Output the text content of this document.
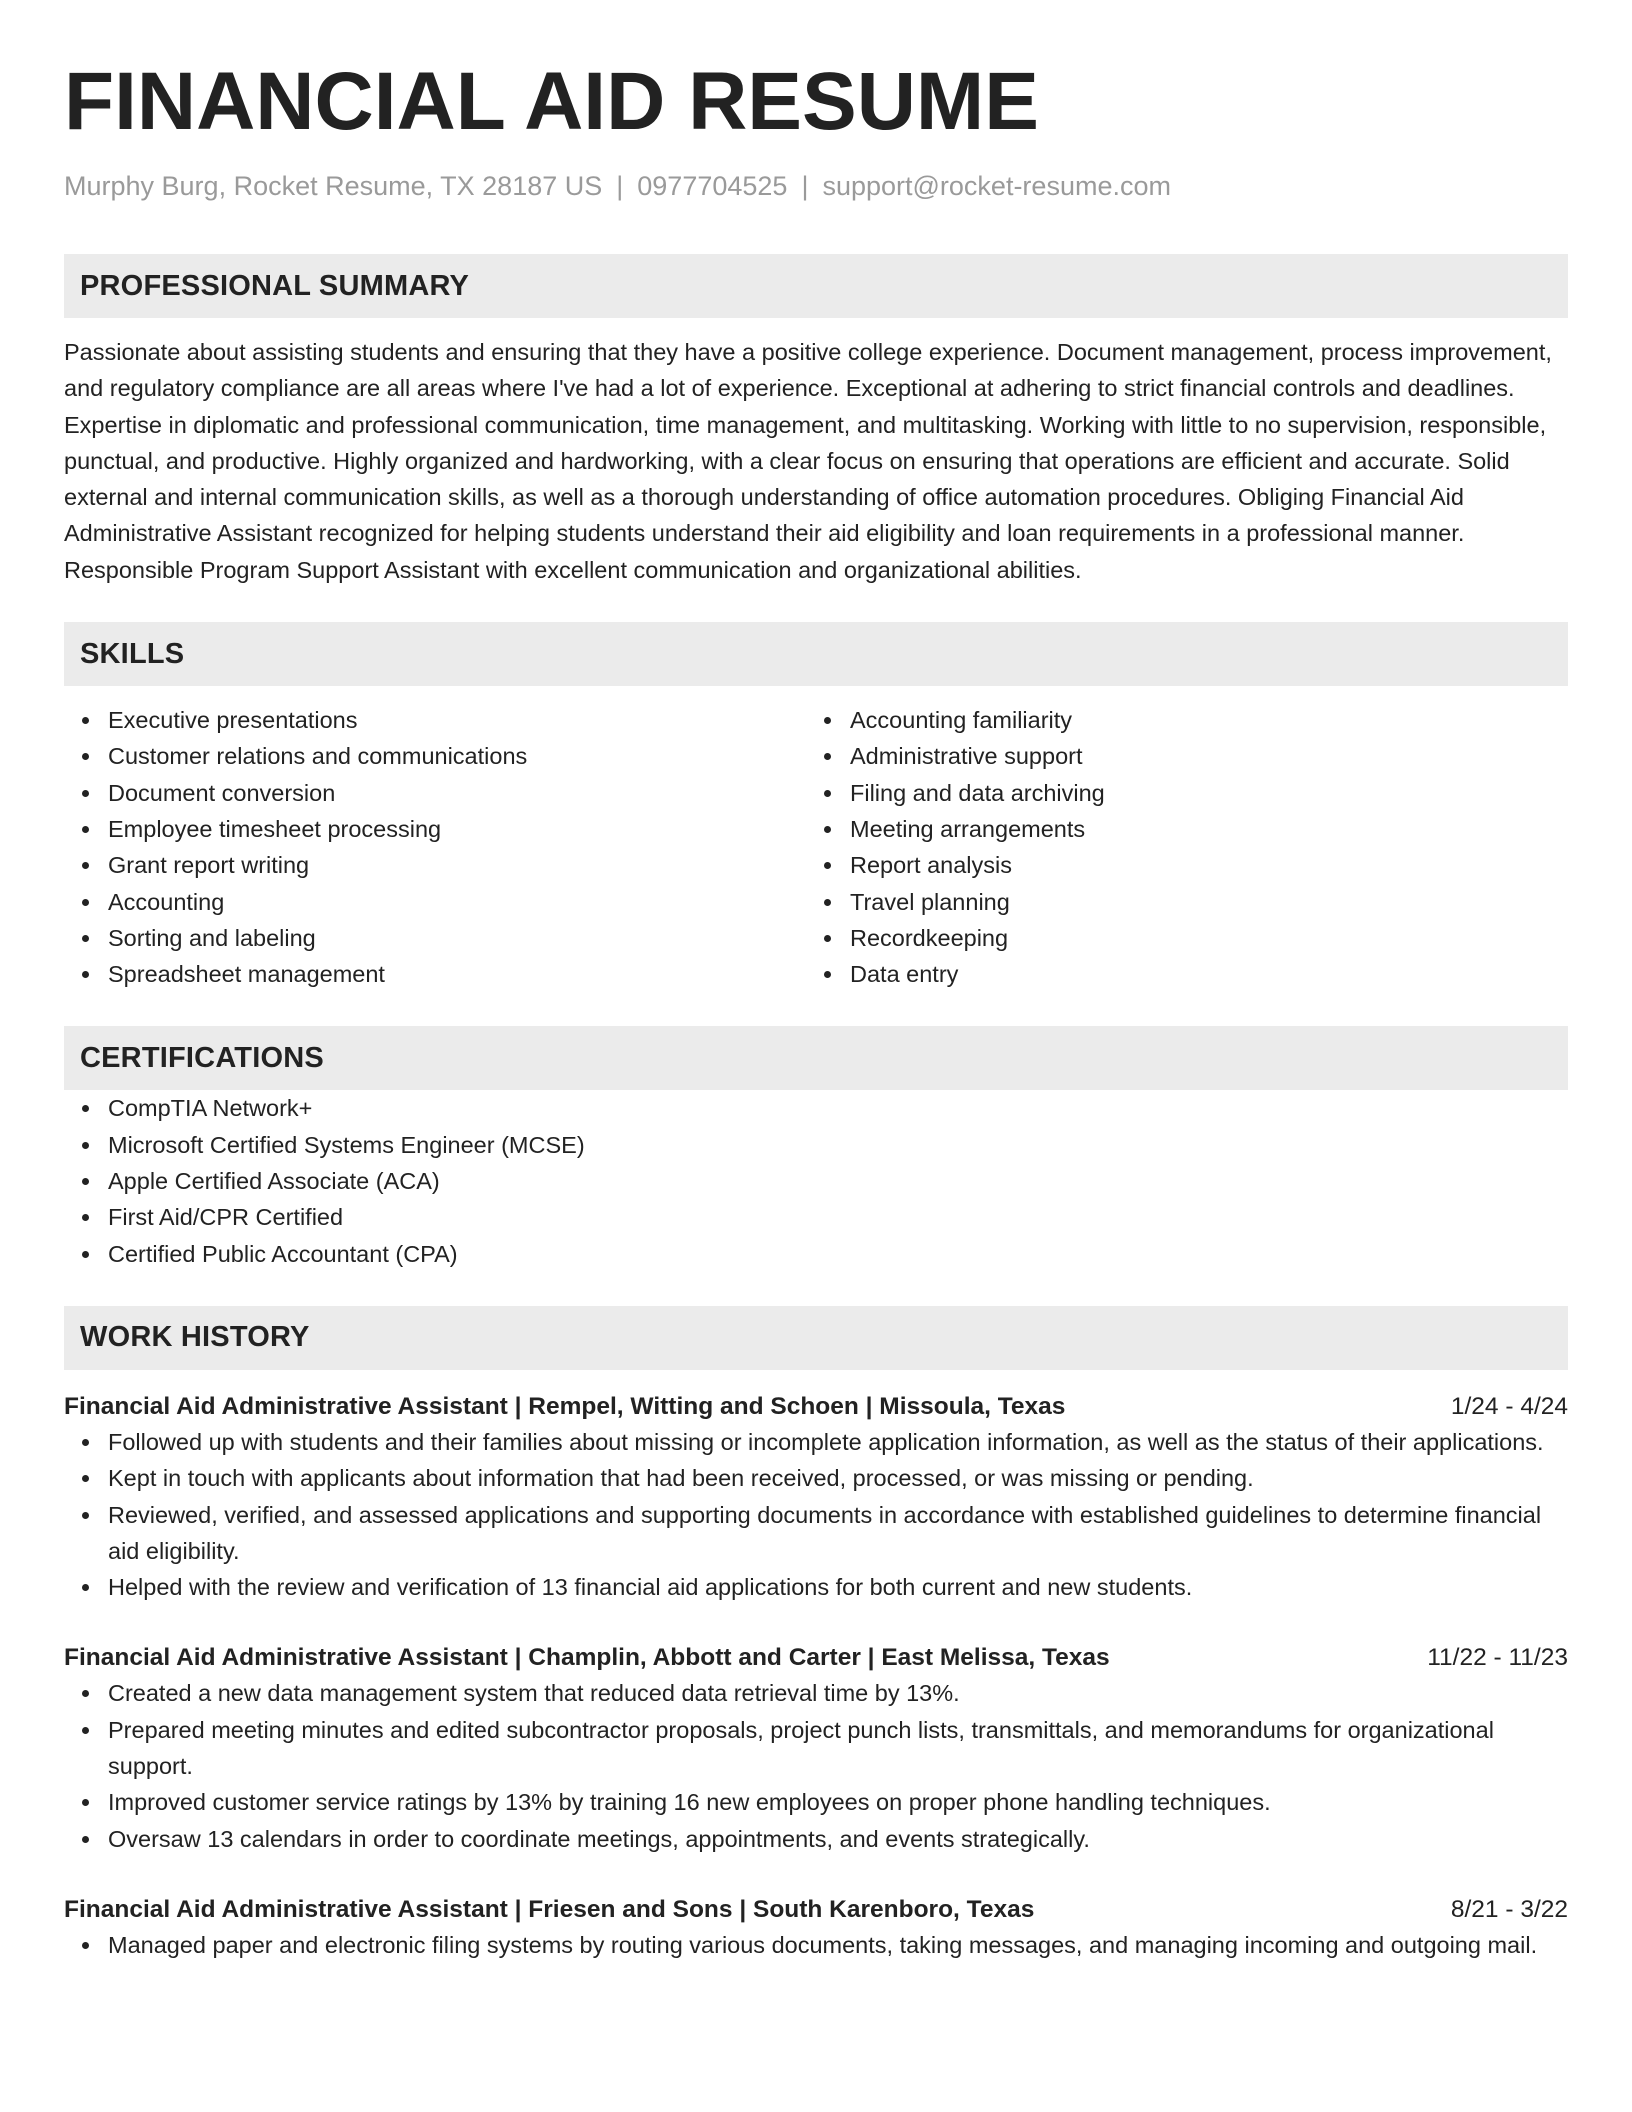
FINANCIAL AID RESUME
Murphy Burg, Rocket Resume, TX 28187 US | 0977704525 | support@rocket-resume.com
PROFESSIONAL SUMMARY

Passionate about assisting students and ensuring that they have a positive college experience. Document management, process improvement, and regulatory compliance are all areas where I've had a lot of experience. Exceptional at adhering to strict financial controls and deadlines. Expertise in diplomatic and professional communication, time management, and multitasking. Working with little to no supervision, responsible, punctual, and productive. Highly organized and hardworking, with a clear focus on ensuring that operations are efficient and accurate. Solid external and internal communication skills, as well as a thorough understanding of office automation procedures. Obliging Financial Aid Administrative Assistant recognized for helping students understand their aid eligibility and loan requirements in a professional manner. Responsible Program Support Assistant with excellent communication and organizational abilities.

SKILLS
Executive presentations
Customer relations and communications
Document conversion
Employee timesheet processing
Grant report writing
Accounting
Sorting and labeling
Spreadsheet management
Accounting familiarity
Administrative support
Filing and data archiving
Meeting arrangements
Report analysis
Travel planning
Recordkeeping
Data entry
CERTIFICATIONS
CompTIA Network+
Microsoft Certified Systems Engineer (MCSE)
Apple Certified Associate (ACA)
First Aid/CPR Certified
Certified Public Accountant (CPA)
WORK HISTORY
Financial Aid Administrative Assistant | Rempel, Witting and Schoen | Missoula, Texas	1/24 - 4/24
Followed up with students and their families about missing or incomplete application information, as well as the status of their applications.
Kept in touch with applicants about information that had been received, processed, or was missing or pending.
Reviewed, verified, and assessed applications and supporting documents in accordance with established guidelines to determine financial aid eligibility.
Helped with the review and verification of 13 financial aid applications for both current and new students.
Financial Aid Administrative Assistant | Champlin, Abbott and Carter | East Melissa, Texas	11/22 - 11/23
Created a new data management system that reduced data retrieval time by 13%.
Prepared meeting minutes and edited subcontractor proposals, project punch lists, transmittals, and memorandums for organizational support.
Improved customer service ratings by 13% by training 16 new employees on proper phone handling techniques.
Oversaw 13 calendars in order to coordinate meetings, appointments, and events strategically.
Financial Aid Administrative Assistant | Friesen and Sons | South Karenboro, Texas	8/21 - 3/22
Managed paper and electronic filing systems by routing various documents, taking messages, and managing incoming and outgoing mail.
